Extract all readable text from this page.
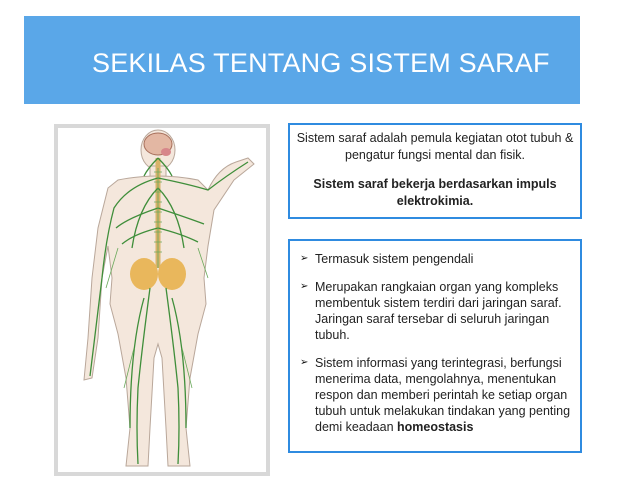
SEKILAS TENTANG SISTEM SARAF
Sistem saraf adalah pemula kegiatan otot tubuh & pengatur fungsi mental dan fisik.
Sistem saraf bekerja berdasarkan impuls elektrokimia.
➢ Termasuk sistem pengendali
➢ Merupakan rangkaian organ yang kompleks membentuk sistem terdiri dari jaringan saraf. Jaringan saraf tersebar di seluruh jaringan tubuh.
➢ Sistem informasi yang terintegrasi, berfungsi menerima data, mengolahnya, menentukan respon dan memberi perintah ke setiap organ tubuh untuk melakukan tindakan yang penting demi keadaan homeostasis
